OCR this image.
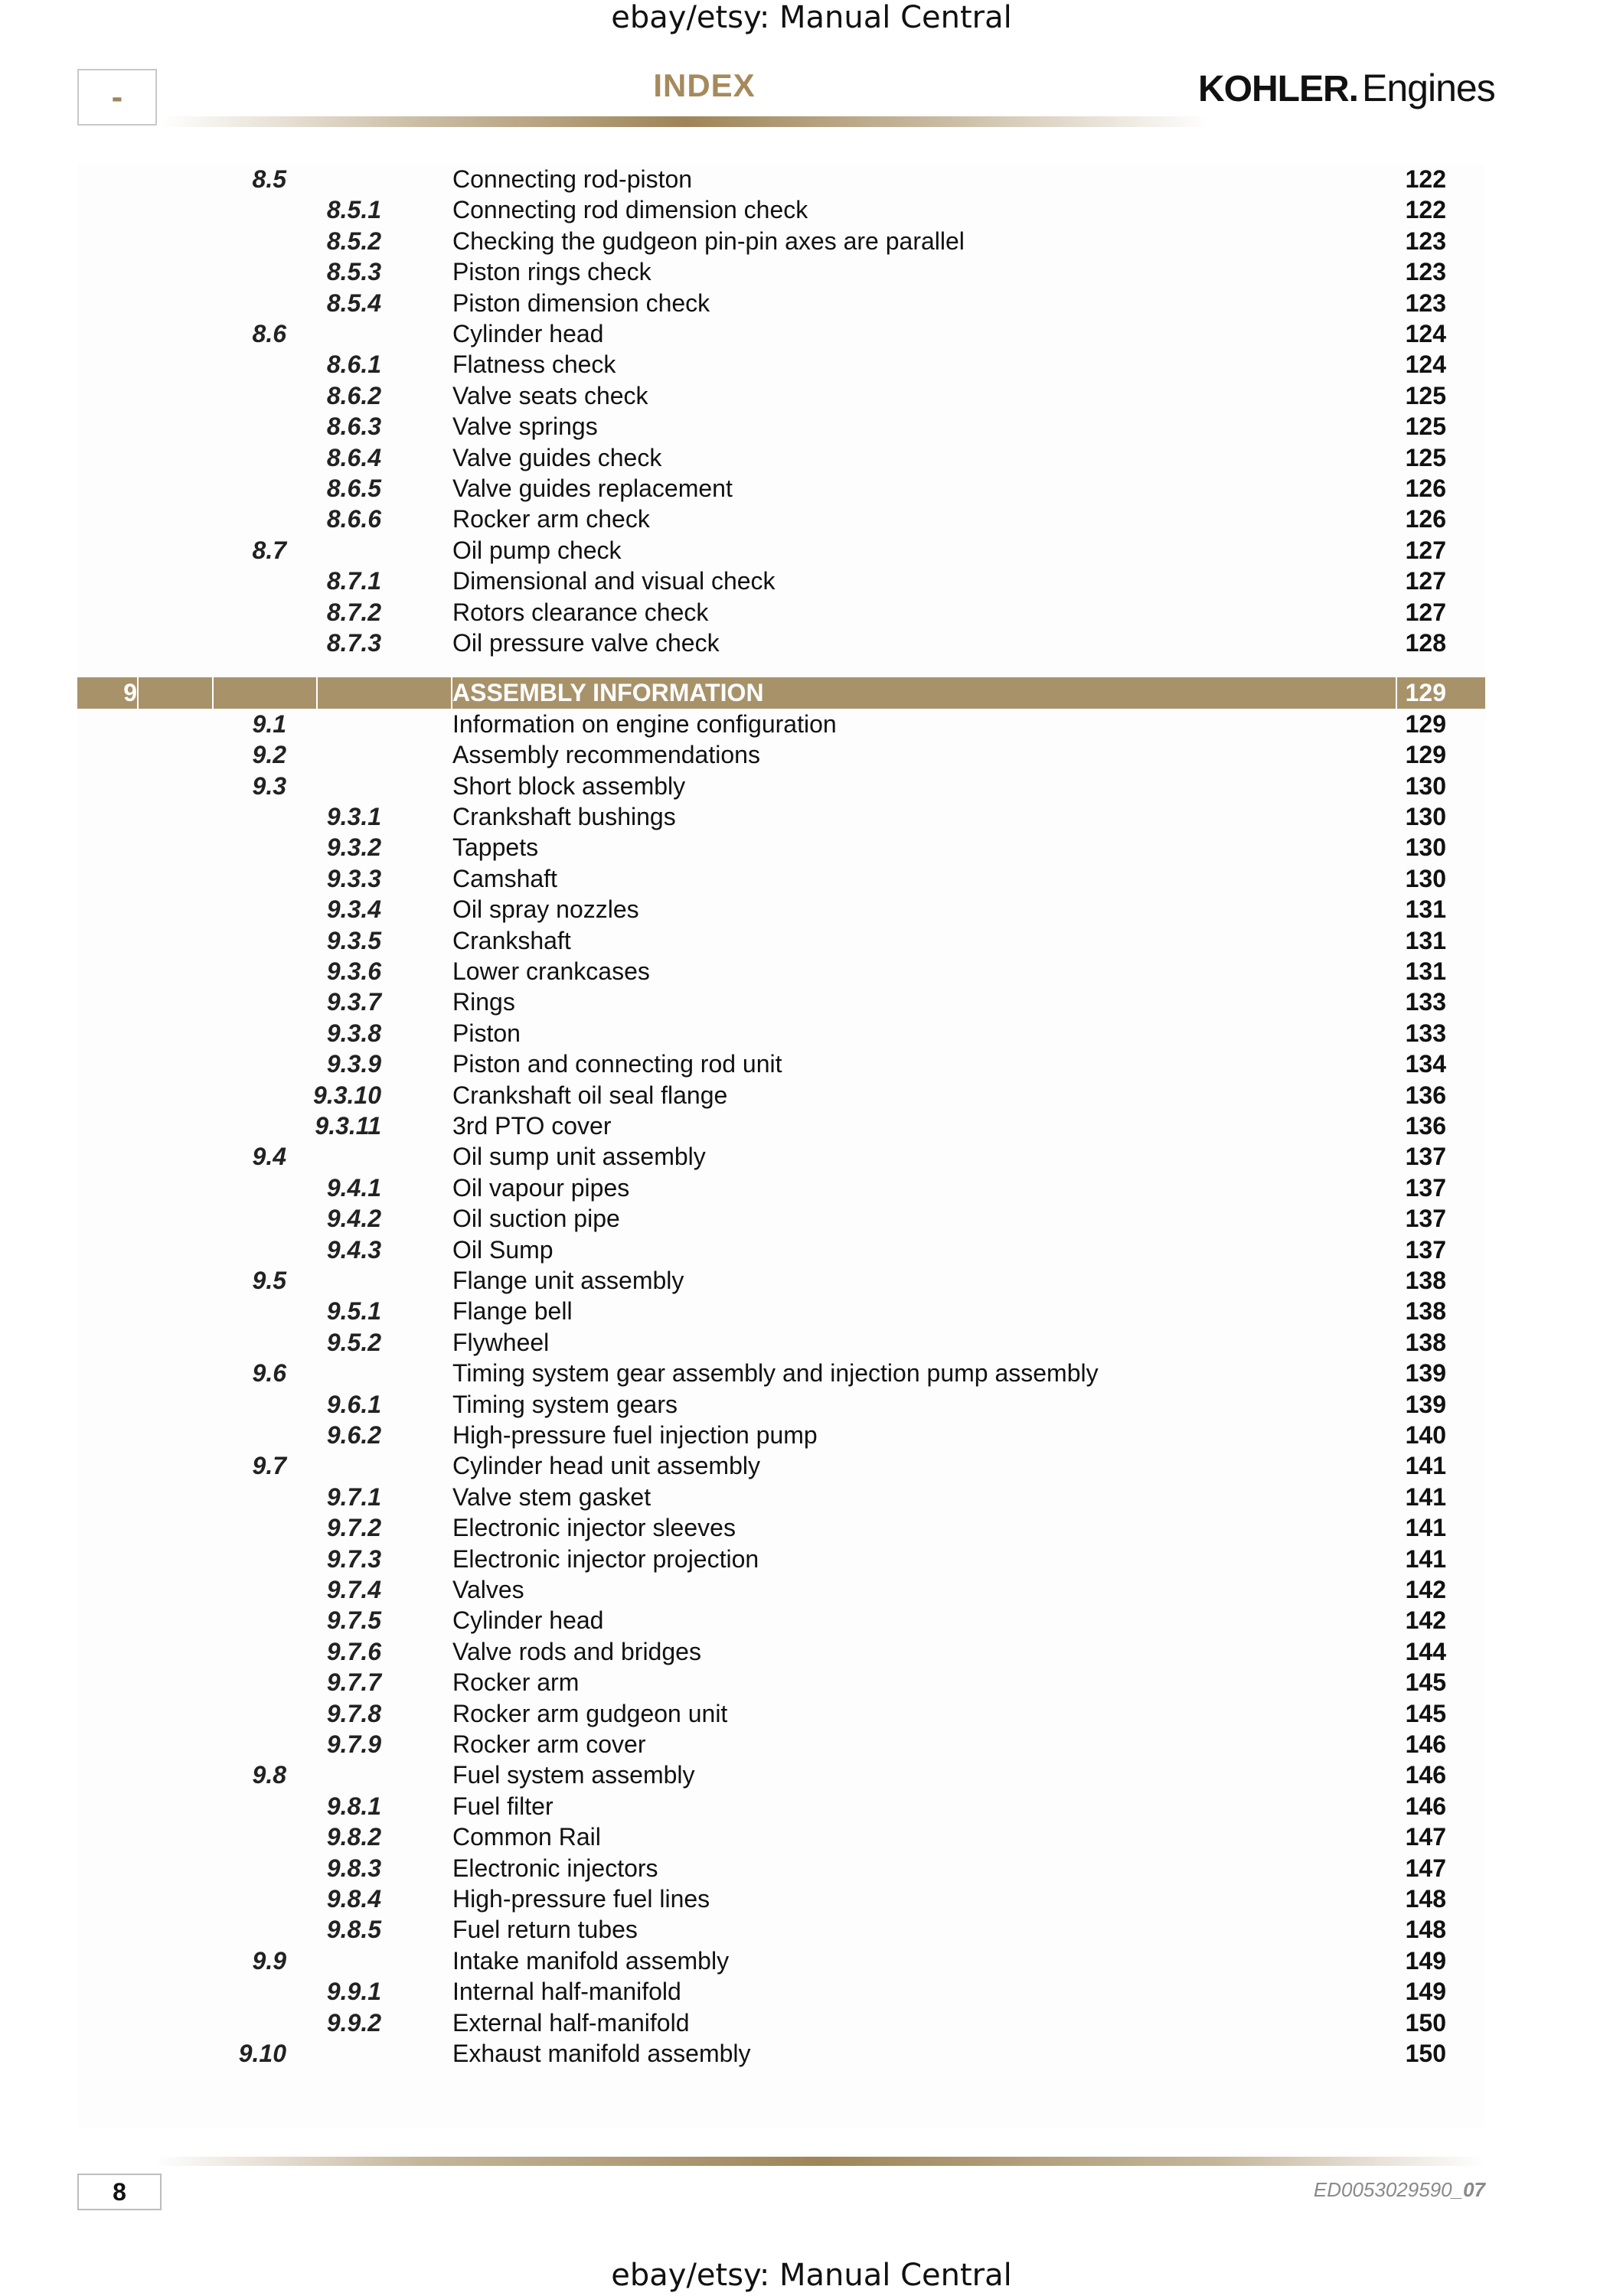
ebay/etsy: Manual Central
-	INDEX	KOHLER . Engines
8.5	Connecting rod-piston	122
8.5.1	Connecting rod dimension check	122
8.5.2	Checking the gudgeon pin-pin axes are parallel	123
8.5.3	Piston rings check	123
8.5.4	Piston dimension check	123
8.6	Cylinder head	124
8.6.1	Flatness check	124
8.6.2	Valve seats check	125
8.6.3	Valve springs	125
8.6.4	Valve guides check	125
8.6.5	Valve guides replacement	126
8.6.6	Rocker arm check	126
8.7	Oil pump check	127
8.7.1	Dimensional and visual check	127
8.7.2	Rotors clearance check	127
8.7.3	Oil pressure valve check	128
9	ASSEMBLY INFORMATION	129
9.1	Information on engine configuration	129
9.2	Assembly recommendations	129
9.3	Short block assembly	130
9.3.1	Crankshaft bushings	130
9.3.2	Tappets	130
9.3.3	Camshaft	130
9.3.4	Oil spray nozzles	131
9.3.5	Crankshaft	131
9.3.6	Lower crankcases	131
9.3.7	Rings	133
9.3.8	Piston	133
9.3.9	Piston and connecting rod unit	134
9.3.10	Crankshaft oil seal flange	136
9.3.11	3rd PTO cover	136
9.4	Oil sump unit assembly	137
9.4.1	Oil vapour pipes	137
9.4.2	Oil suction pipe	137
9.4.3	Oil Sump	137
9.5	Flange unit assembly	138
9.5.1	Flange bell	138
9.5.2	Flywheel	138
9.6	Timing system gear assembly and injection pump assembly	139
9.6.1	Timing system gears	139
9.6.2	High-pressure fuel injection pump	140
9.7	Cylinder head unit assembly	141
9.7.1	Valve stem gasket	141
9.7.2	Electronic injector sleeves	141
9.7.3	Electronic injector projection	141
9.7.4	Valves	142
9.7.5	Cylinder head	142
9.7.6	Valve rods and bridges	144
9.7.7	Rocker arm	145
9.7.8	Rocker arm gudgeon unit	145
9.7.9	Rocker arm cover	146
9.8	Fuel system assembly	146
9.8.1	Fuel filter	146
9.8.2	Common Rail	147
9.8.3	Electronic injectors	147
9.8.4	High-pressure fuel lines	148
9.8.5	Fuel return tubes	148
9.9	Intake manifold assembly	149
9.9.1	Internal half-manifold	149
9.9.2	External half-manifold	150
9.10	Exhaust manifold assembly	150
8	ED0053029590_07
ebay/etsy: Manual Central
